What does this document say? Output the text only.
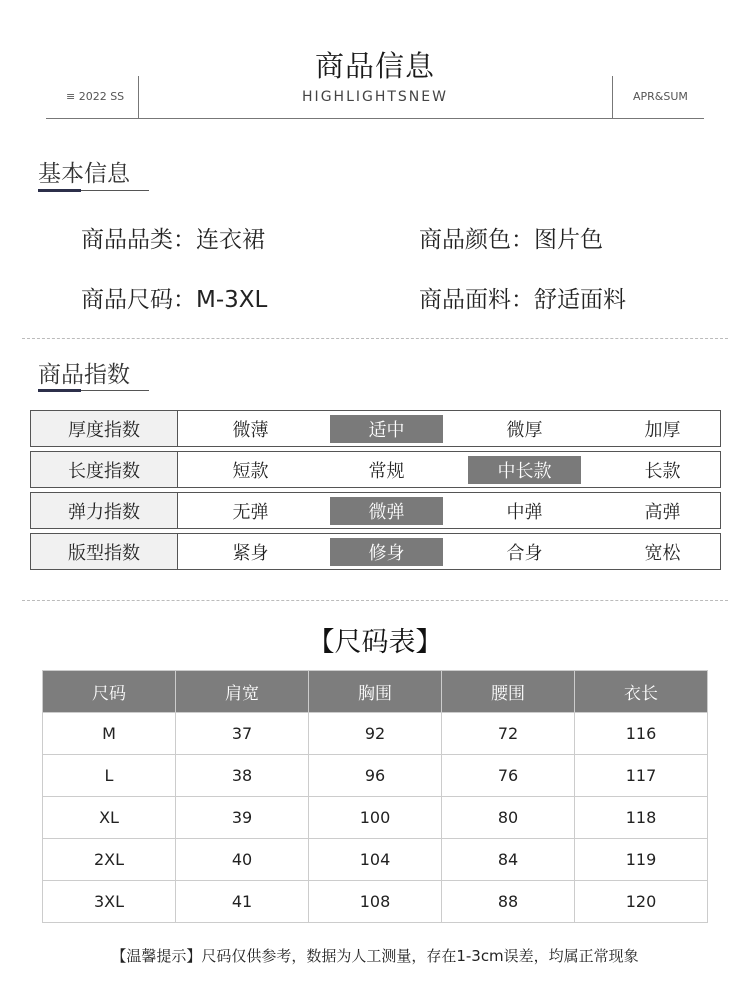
商品信息
≡ 2022 SS	HIGHLIGHTSNEW	APR&SUM
基本信息
商品品类：连衣裙	商品颜色：图片色
商品尺码：M-3XL	商品面料：舒适面料
商品指数
厚度指数	微薄	适中	微厚	加厚
长度指数	短款	常规	中长款	长款
弹力指数	无弹	微弹	中弹	高弹
版型指数	紧身	修身	合身	宽松
【尺码表】
尺码	肩宽	胸围	腰围	衣长
M	37	92	72	116
L	38	96	76	117
XL	39	100	80	118
2XL	40	104	84	119
3XL	41	108	88	120
【温馨提示】尺码仅供参考，数据为人工测量，存在1-3cm误差，均属正常现象
